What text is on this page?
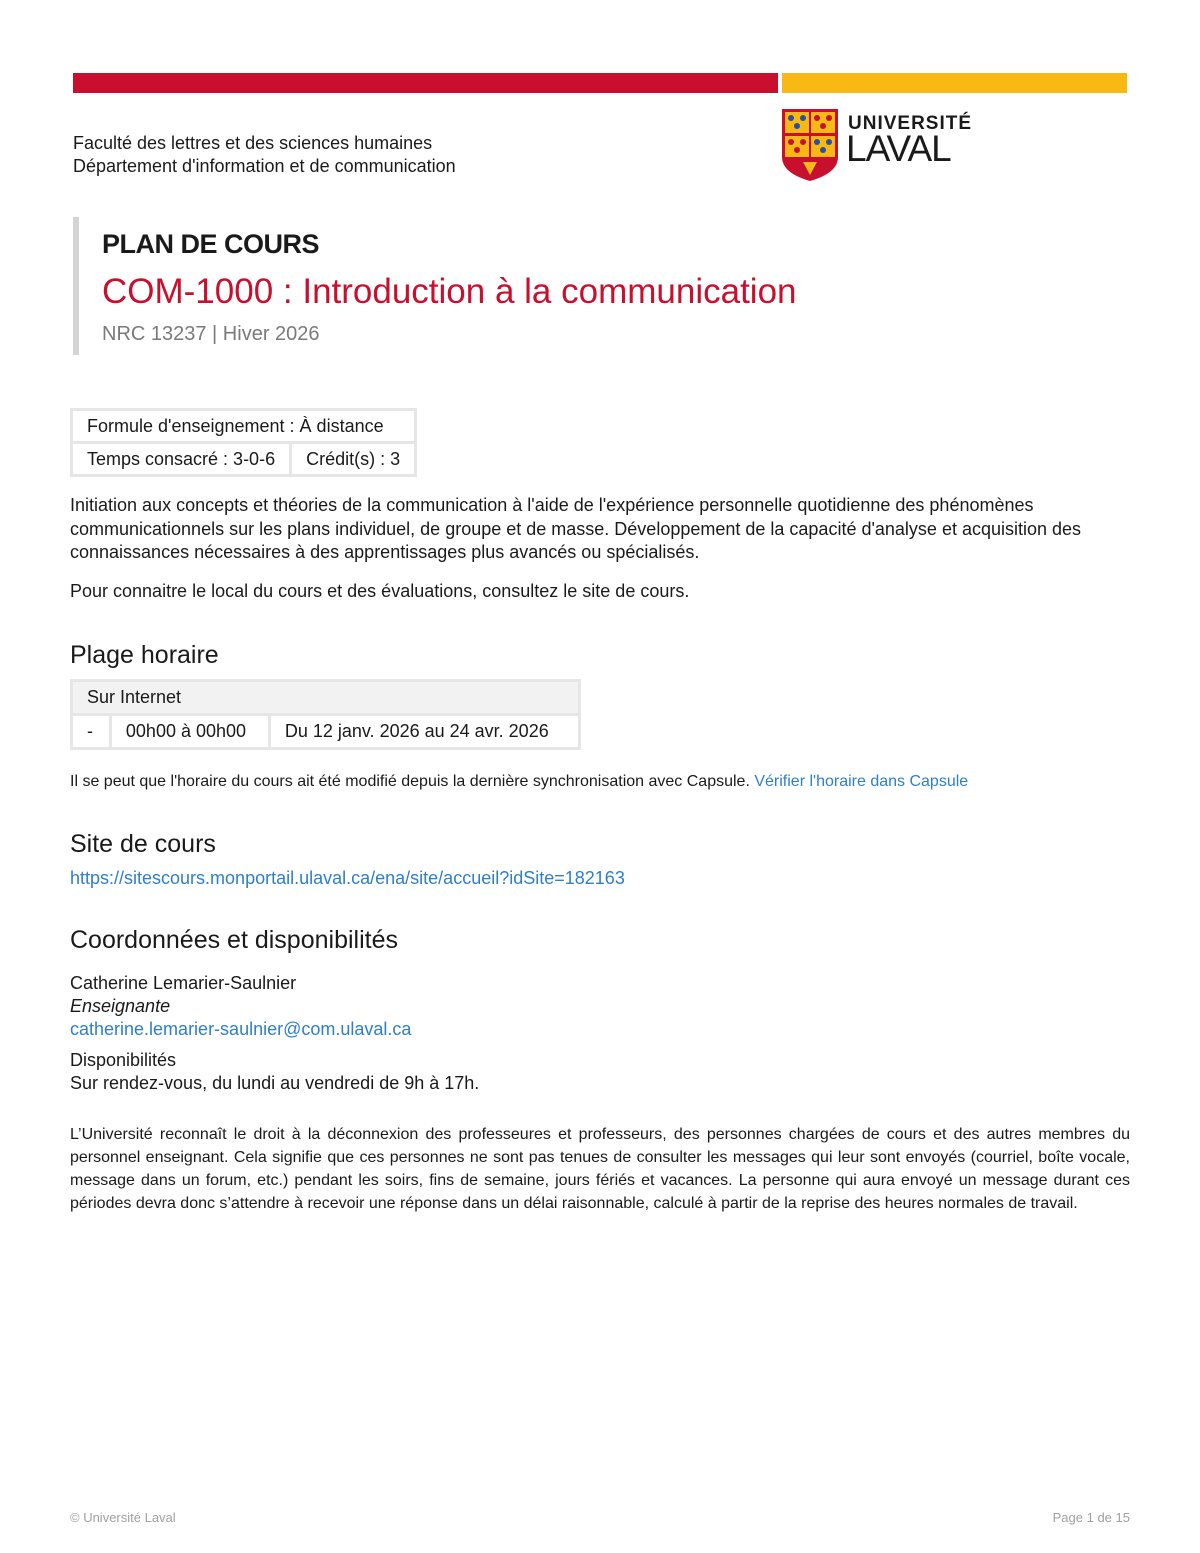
Faculté des lettres et des sciences humaines
Département d'information et de communication
UNIVERSITÉ
LAVAL
PLAN DE COURS
COM-1000 : Introduction à la communication
NRC 13237 | Hiver 2026
Formule d'enseignement : À distance
Temps consacré : 3-0-6	Crédit(s) : 3

Initiation aux concepts et théories de la communication à l'aide de l'expérience personnelle quotidienne des phénomènes communicationnels sur les plans individuel, de groupe et de masse. Développement de la capacité d'analyse et acquisition des connaissances nécessaires à des apprentissages plus avancés ou spécialisés.

Pour connaitre le local du cours et des évaluations, consultez le site de cours.

Plage horaire
Sur Internet
-	00h00 à 00h00	Du 12 janv. 2026 au 24 avr. 2026

Il se peut que l'horaire du cours ait été modifié depuis la dernière synchronisation avec Capsule. Vérifier l'horaire dans Capsule

Site de cours
https://sitescours.monportail.ulaval.ca/ena/site/accueil?idSite=182163
Coordonnées et disponibilités
Catherine Lemarier-Saulnier
Enseignante
catherine.lemarier-saulnier@com.ulaval.ca
Disponibilités
Sur rendez-vous, du lundi au vendredi de 9h à 17h.

L’Université reconnaît le droit à la déconnexion des professeures et professeurs, des personnes chargées de cours et des autres membres du personnel enseignant. Cela signifie que ces personnes ne sont pas tenues de consulter les messages qui leur sont envoyés (courriel, boîte vocale, message dans un forum, etc.) pendant les soirs, fins de semaine, jours fériés et vacances. La personne qui aura envoyé un message durant ces périodes devra donc s’attendre à recevoir une réponse dans un délai raisonnable, calculé à partir de la reprise des heures normales de travail.

© Université Laval	Page 1 de 15
